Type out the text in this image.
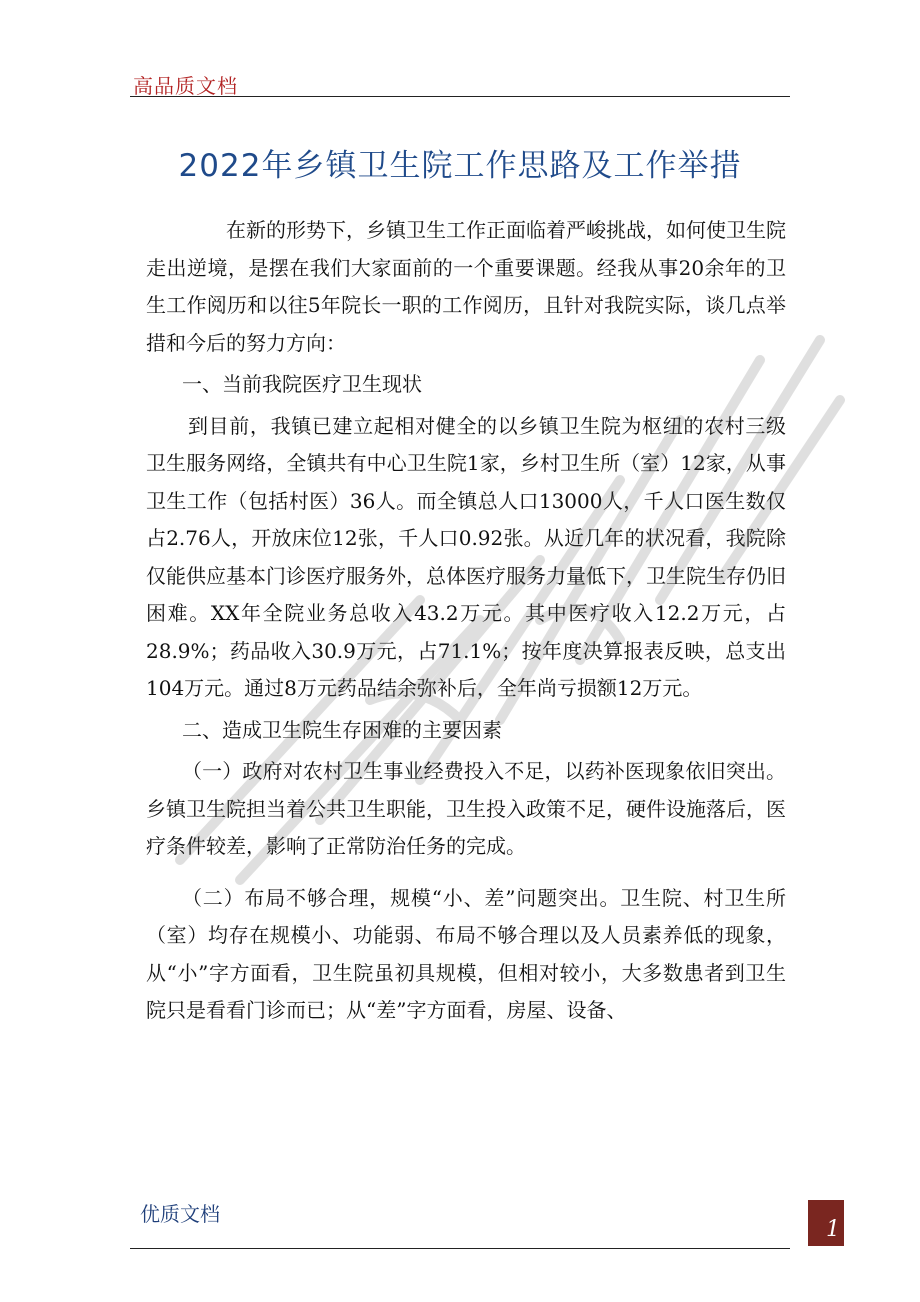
高品质文档
2022年乡镇卫生院工作思路及工作举措

在新的形势下，乡镇卫生工作正面临着严峻挑战，如何使卫生院走出逆境，是摆在我们大家面前的一个重要课题。经我从事20余年的卫生工作阅历和以往5年院长一职的工作阅历，且针对我院实际，谈几点举措和今后的努力方向：

一、当前我院医疗卫生现状

到目前，我镇已建立起相对健全的以乡镇卫生院为枢纽的农村三级卫生服务网络，全镇共有中心卫生院1家，乡村卫生所（室）12家，从事卫生工作（包括村医）36人。而全镇总人口13000人，千人口医生数仅占2.76人，开放床位12张，千人口0.92张。从近几年的状况看，我院除仅能供应基本门诊医疗服务外，总体医疗服务力量低下，卫生院生存仍旧困难。XX年全院业务总收入43.2万元。其中医疗收入12.2万元，占28.9%；药品收入30.9万元，占71.1%；按年度决算报表反映，总支出104万元。通过8万元药品结余弥补后，全年尚亏损额12万元。

二、造成卫生院生存困难的主要因素

（一）政府对农村卫生事业经费投入不足，以药补医现象依旧突出。乡镇卫生院担当着公共卫生职能，卫生投入政策不足，硬件设施落后，医疗条件较差，影响了正常防治任务的完成。

（二）布局不够合理，规模“小、差”问题突出。卫生院、村卫生所（室）均存在规模小、功能弱、布局不够合理以及人员素养低的现象，从“小”字方面看，卫生院虽初具规模，但相对较小，大多数患者到卫生院只是看看门诊而已；从“差”字方面看，房屋、设备、

优质文档
1
